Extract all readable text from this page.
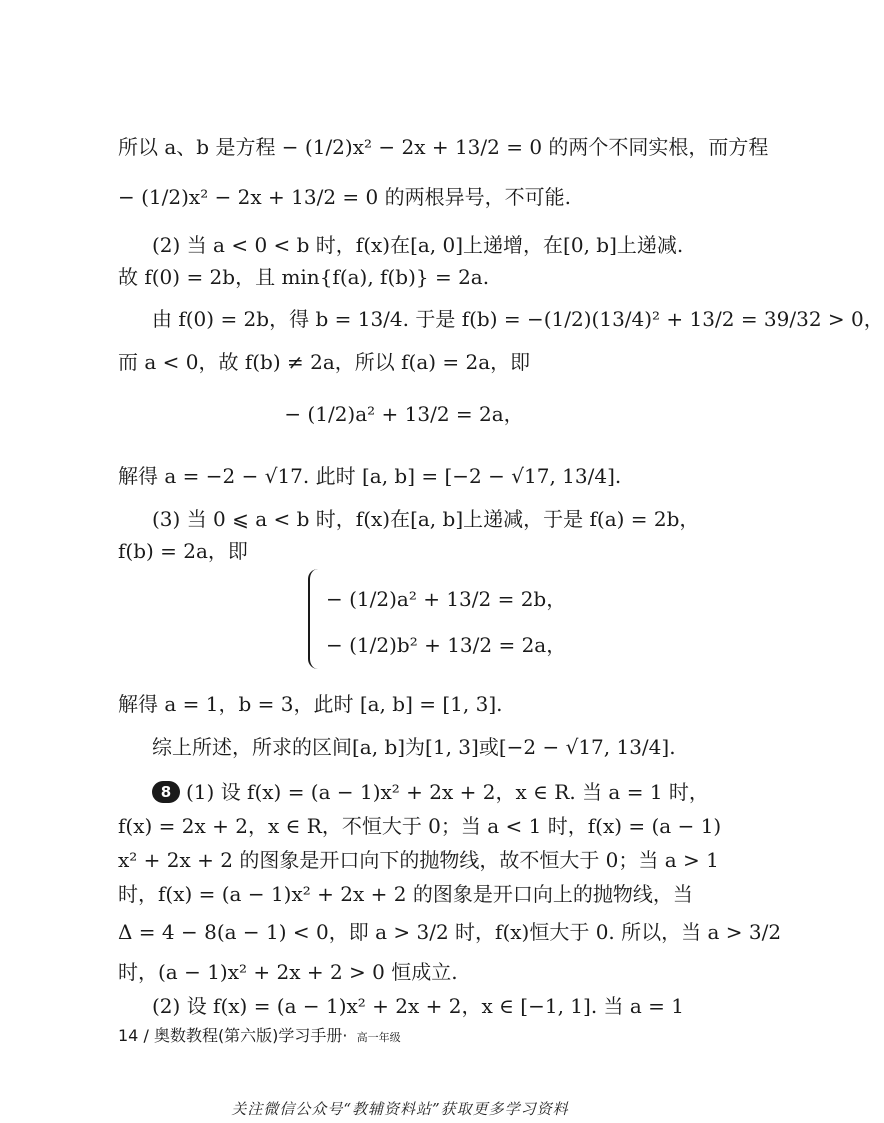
所以 a、b 是方程 − (1/2)x² − 2x + 13/2 = 0 的两个不同实根，而方程
− (1/2)x² − 2x + 13/2 = 0 的两根异号，不可能.
(2) 当 a < 0 < b 时，f(x)在[a, 0]上递增，在[0, b]上递减.
故 f(0) = 2b，且 min{f(a), f(b)} = 2a.
由 f(0) = 2b，得 b = 13/4. 于是 f(b) = −(1/2)(13/4)² + 13/2 = 39/32 > 0，
而 a < 0，故 f(b) ≠ 2a，所以 f(a) = 2a，即
− (1/2)a² + 13/2 = 2a，
解得 a = −2 − √17. 此时 [a, b] = [−2 − √17, 13/4].
(3) 当 0 ⩽ a < b 时，f(x)在[a, b]上递减，于是 f(a) = 2b，
f(b) = 2a，即
− (1/2)a² + 13/2 = 2b，
− (1/2)b² + 13/2 = 2a，
解得 a = 1，b = 3，此时 [a, b] = [1, 3].
综上所述，所求的区间[a, b]为[1, 3]或[−2 − √17, 13/4].
8 (1) 设 f(x) = (a − 1)x² + 2x + 2，x ∈ R. 当 a = 1 时，
f(x) = 2x + 2，x ∈ R，不恒大于 0；当 a < 1 时，f(x) = (a − 1)
x² + 2x + 2 的图象是开口向下的抛物线，故不恒大于 0；当 a > 1
时，f(x) = (a − 1)x² + 2x + 2 的图象是开口向上的抛物线，当
Δ = 4 − 8(a − 1) < 0，即 a > 3/2 时，f(x)恒大于 0. 所以，当 a > 3/2
时，(a − 1)x² + 2x + 2 > 0 恒成立.
(2) 设 f(x) = (a − 1)x² + 2x + 2，x ∈ [−1, 1]. 当 a = 1
14 / 奥数教程(第六版)学习手册· 高一年级
关注微信公众号“教辅资料站”获取更多学习资料
